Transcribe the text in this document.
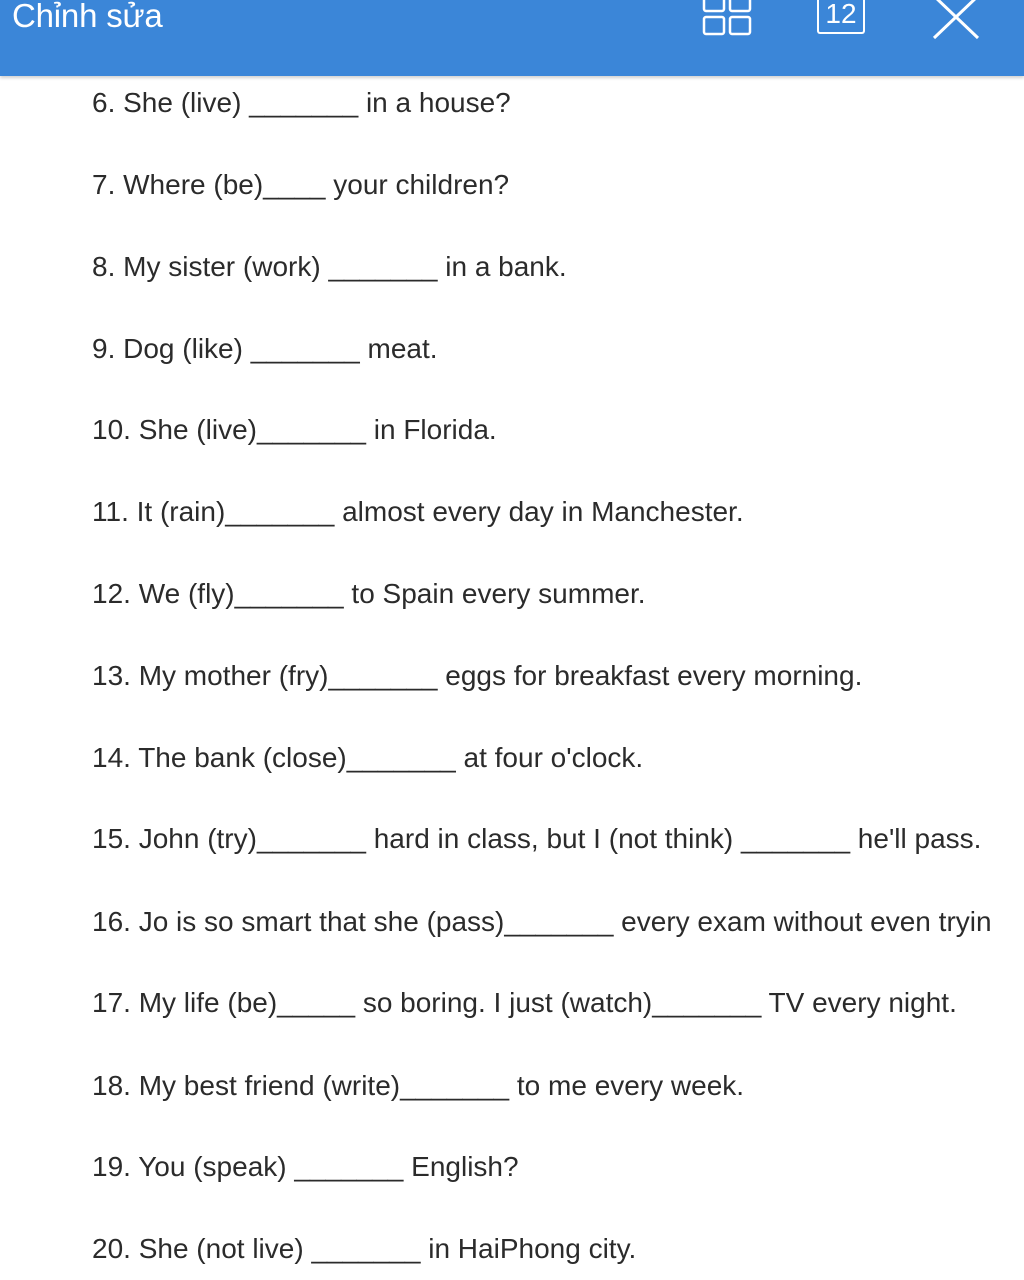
Chỉnh sửa	12
6. She (live) _______ in a house?
7. Where (be)____ your children?
8. My sister (work) _______ in a bank.
9. Dog (like) _______ meat.
10. She (live)_______ in Florida.
11. It (rain)_______ almost every day in Manchester.
12. We (fly)_______ to Spain every summer.
13. My mother (fry)_______ eggs for breakfast every morning.
14. The bank (close)_______ at four o'clock.
15. John (try)_______ hard in class, but I (not think) _______ he'll pass.
16. Jo is so smart that she (pass)_______ every exam without even tryin
17. My life (be)_____ so boring. I just (watch)_______ TV every night.
18. My best friend (write)_______ to me every week.
19. You (speak) _______ English?
20. She (not live) _______ in HaiPhong city.
